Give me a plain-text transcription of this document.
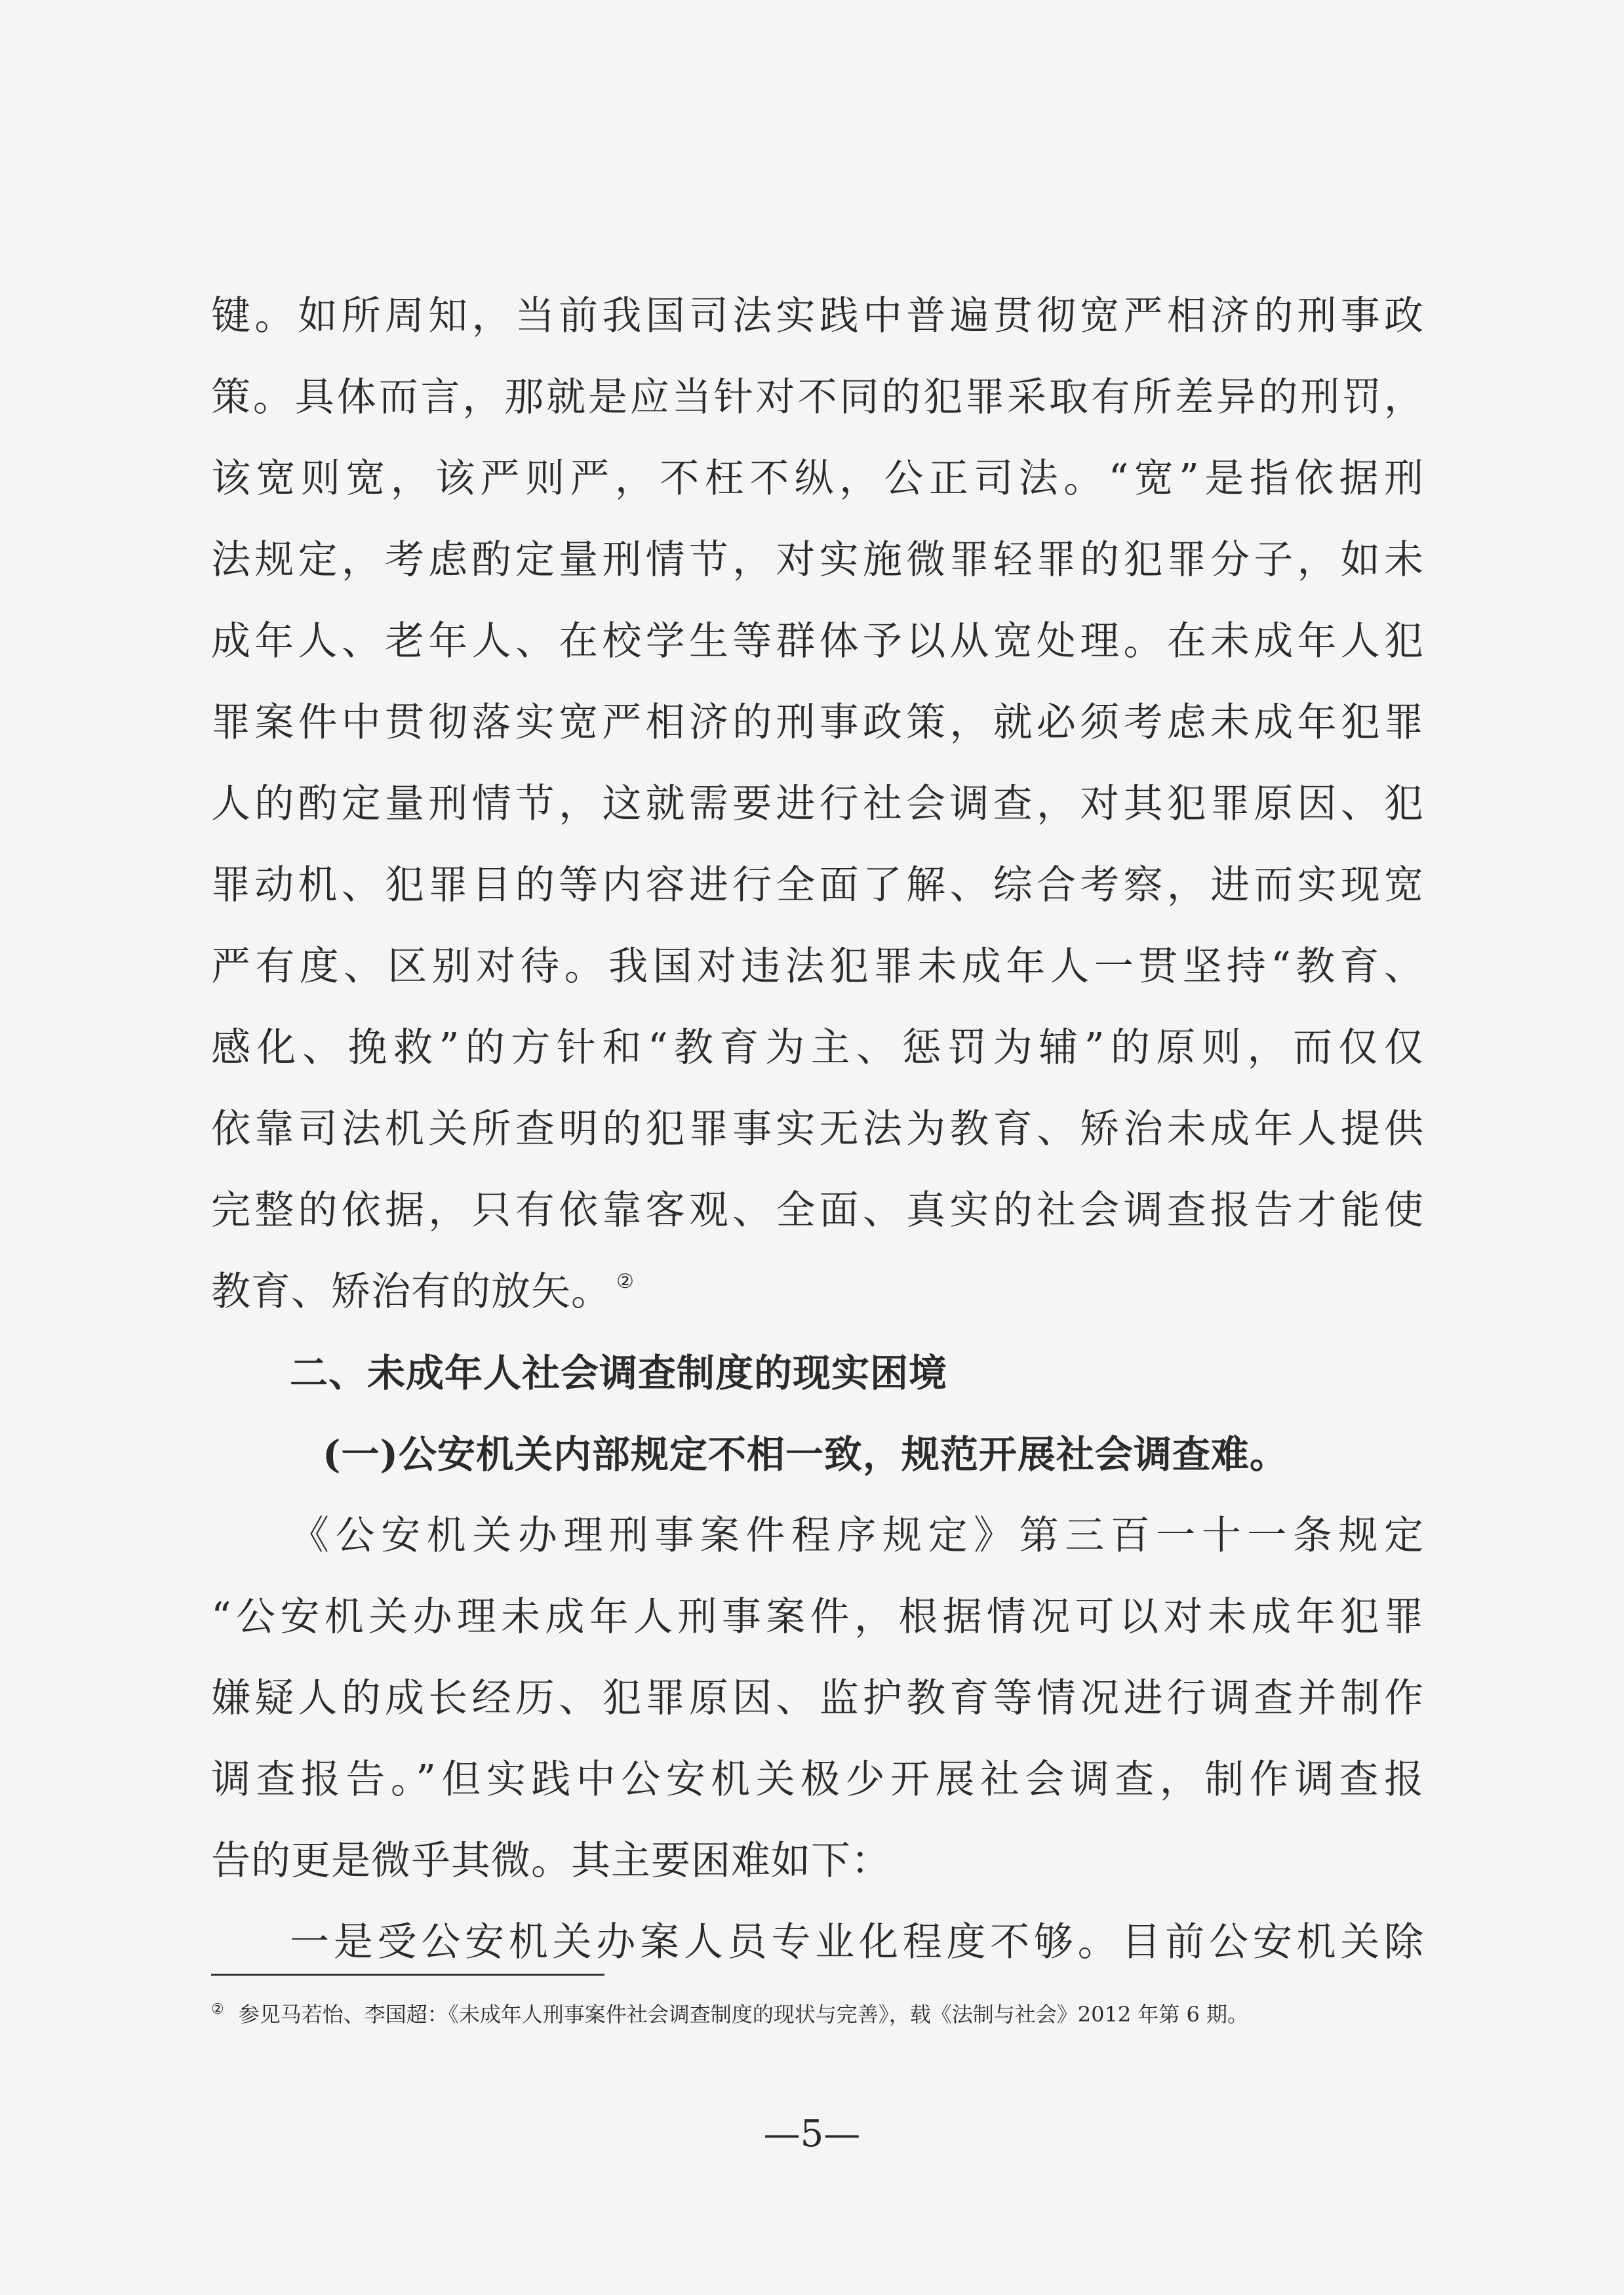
键。如所周知，当前我国司法实践中普遍贯彻宽严相济的刑事政
策。具体而言，那就是应当针对不同的犯罪采取有所差异的刑罚，
该宽则宽，该严则严，不枉不纵，公正司法。“宽”是指依据刑
法规定，考虑酌定量刑情节，对实施微罪轻罪的犯罪分子，如未
成年人、老年人、在校学生等群体予以从宽处理。在未成年人犯
罪案件中贯彻落实宽严相济的刑事政策，就必须考虑未成年犯罪
人的酌定量刑情节，这就需要进行社会调查，对其犯罪原因、犯
罪动机、犯罪目的等内容进行全面了解、综合考察，进而实现宽
严有度、区别对待。我国对违法犯罪未成年人一贯坚持“教育、
感化、挽救”的方针和“教育为主、惩罚为辅”的原则，而仅仅
依靠司法机关所查明的犯罪事实无法为教育、矫治未成年人提供
完整的依据，只有依靠客观、全面、真实的社会调查报告才能使
教育、矫治有的放矢。 ②
二、未成年人社会调查制度的现实困境
(一)公安机关内部规定不相一致，规范开展社会调查难。
《公安机关办理刑事案件程序规定》第三百一十一条规定
“公安机关办理未成年人刑事案件，根据情况可以对未成年犯罪
嫌疑人的成长经历、犯罪原因、监护教育等情况进行调查并制作
调查报告。”但实践中公安机关极少开展社会调查，制作调查报
告的更是微乎其微。其主要困难如下：
一是受公安机关办案人员专业化程度不够。目前公安机关除
② 参见马若怡、李国超：《未成年人刑事案件社会调查制度的现状与完善》，载《法制与社会》2012 年第 6 期。
—5—
